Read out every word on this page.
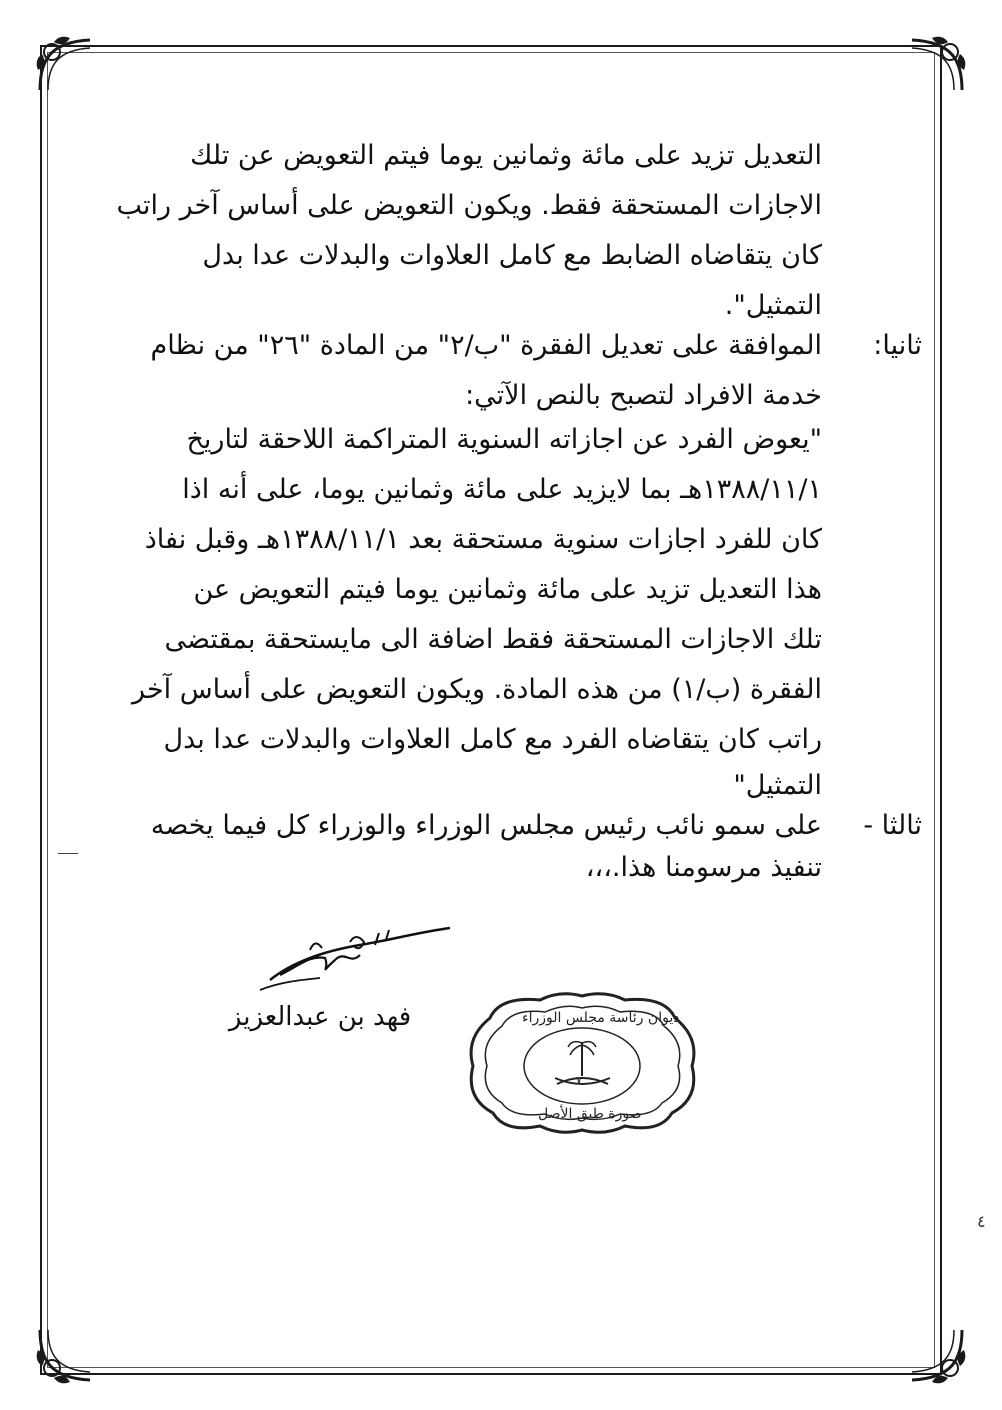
التعديل تزيد على مائة وثمانين يوما فيتم التعويض عن تلك
الاجازات المستحقة فقط. ويكون التعويض على أساس آخر راتب
كان يتقاضاه الضابط مع كامل العلاوات والبدلات عدا بدل
التمثيل".
ثانيا:
الموافقة على تعديل الفقرة "ب/٢" من المادة "٢٦" من نظام
خدمة الافراد لتصبح بالنص الآتي:
"يعوض الفرد عن اجازاته السنوية المتراكمة اللاحقة لتاريخ
١٣٨٨/١١/١هـ بما لايزيد على مائة وثمانين يوما، على أنه اذا
كان للفرد اجازات سنوية مستحقة بعد ١٣٨٨/١١/١هـ وقبل نفاذ
هذا التعديل تزيد على مائة وثمانين يوما فيتم التعويض عن
تلك الاجازات المستحقة فقط اضافة الى مايستحقة بمقتضى
الفقرة (ب/١) من هذه المادة. ويكون التعويض على أساس آخر
راتب كان يتقاضاه الفرد مع كامل العلاوات والبدلات عدا بدل
التمثيل"
ثالثا -
على سمو نائب رئيس مجلس الوزراء والوزراء كل فيما يخصه
تنفيذ مرسومنا هذا.،،،
فهد بن عبدالعزيز	ديوان رئاسة مجلس الوزراء
صورة طبق الأصل
٧
٤
